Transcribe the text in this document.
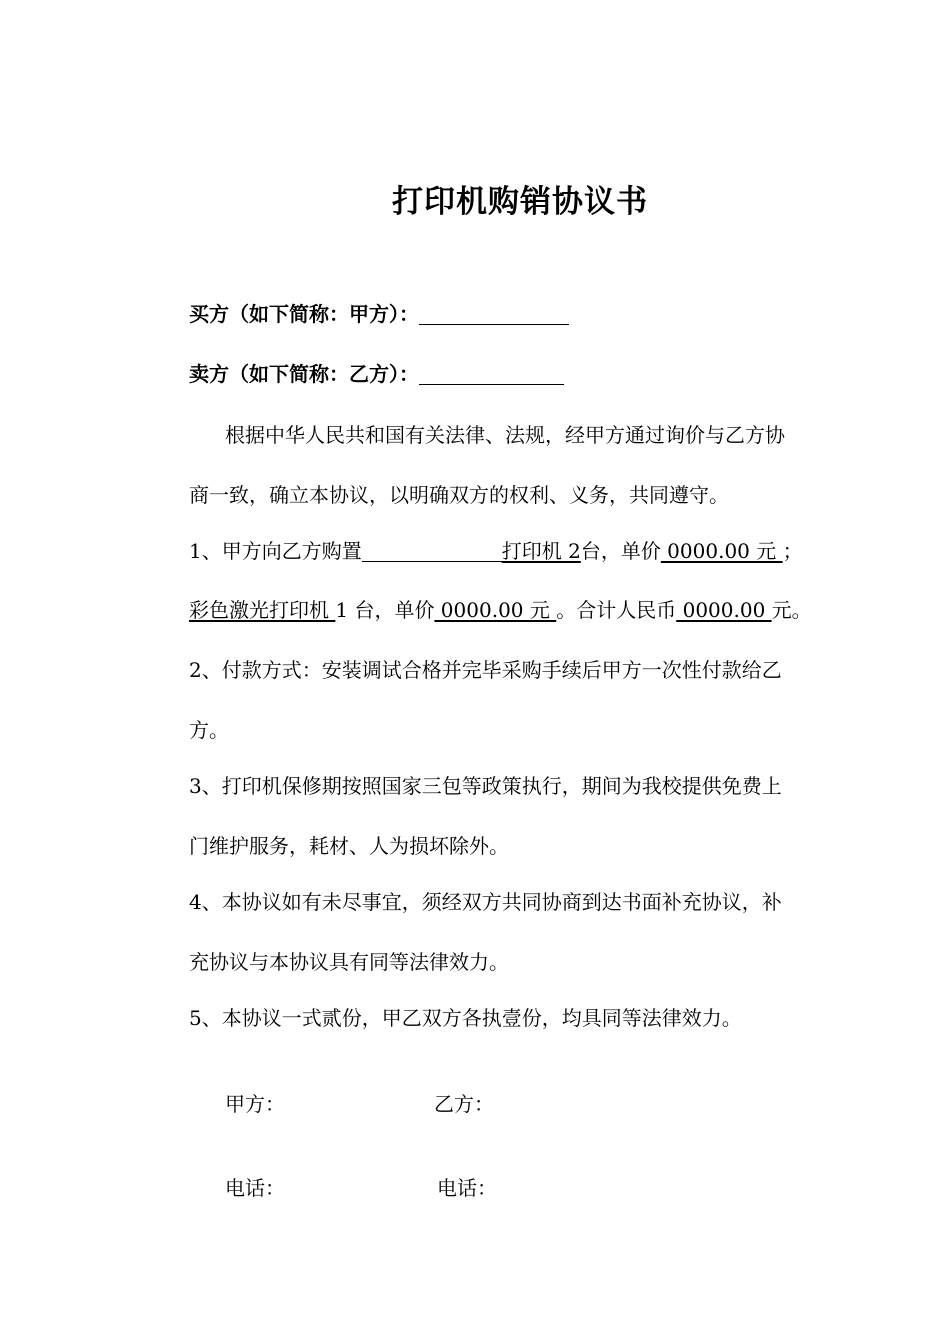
打印机购销协议书
买方（如下简称：甲方）：
卖方（如下简称：乙方）：
根据中华人民共和国有关法律、法规，经甲方通过询价与乙方协
商一致，确立本协议，以明确双方的权利、义务，共同遵守。
1、甲方向乙方购置	打印机 2台，单价 0000.00 元 ；
彩色激光打印机 1 台，单价 0000.00 元 。合计人民币 0000.00 元。
2、付款方式：安装调试合格并完毕采购手续后甲方一次性付款给乙
方。
3、打印机保修期按照国家三包等政策执行，期间为我校提供免费上
门维护服务，耗材、人为损坏除外。
4、本协议如有未尽事宜，须经双方共同协商到达书面补充协议，补
充协议与本协议具有同等法律效力。
5、本协议一式贰份，甲乙双方各执壹份，均具同等法律效力。
甲方：	乙方：
电话：	电话：
